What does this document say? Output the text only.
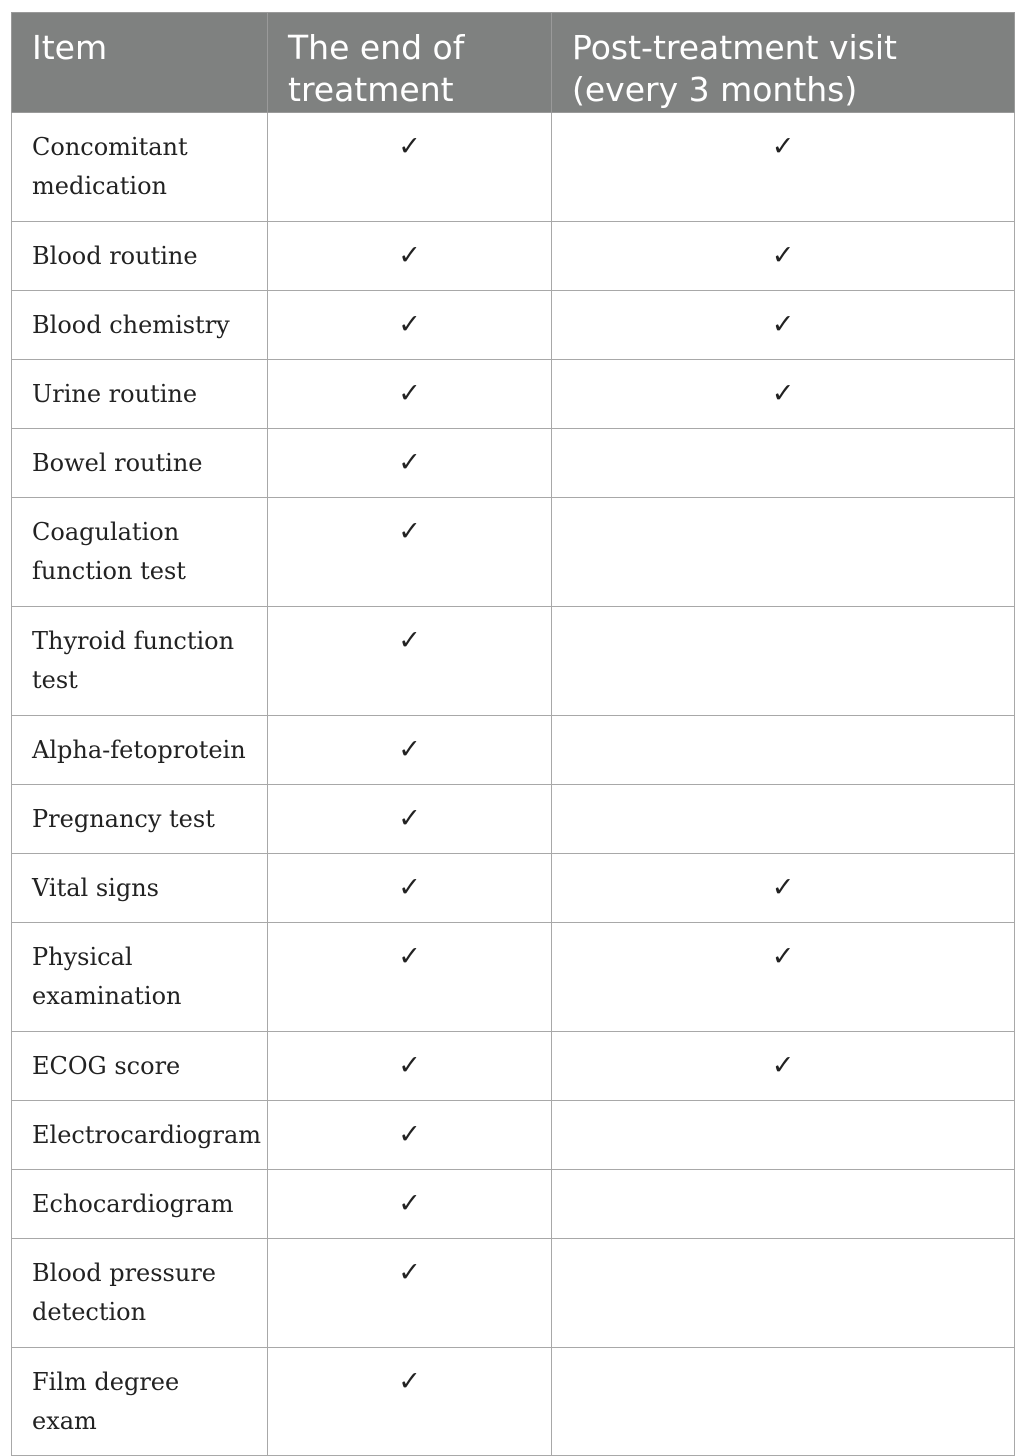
Item	The end of treatment	Post-treatment visit (every 3 months)
Concomitant medication	✓	✓
Blood routine	✓	✓
Blood chemistry	✓	✓
Urine routine	✓	✓
Bowel routine	✓	
Coagulation function test	✓	
Thyroid function test	✓	
Alpha-fetoprotein	✓	
Pregnancy test	✓	
Vital signs	✓	✓
Physical examination	✓	✓
ECOG score	✓	✓
Electrocardiogram	✓	
Echocardiogram	✓	
Blood pressure detection	✓	
Film degree exam	✓	
